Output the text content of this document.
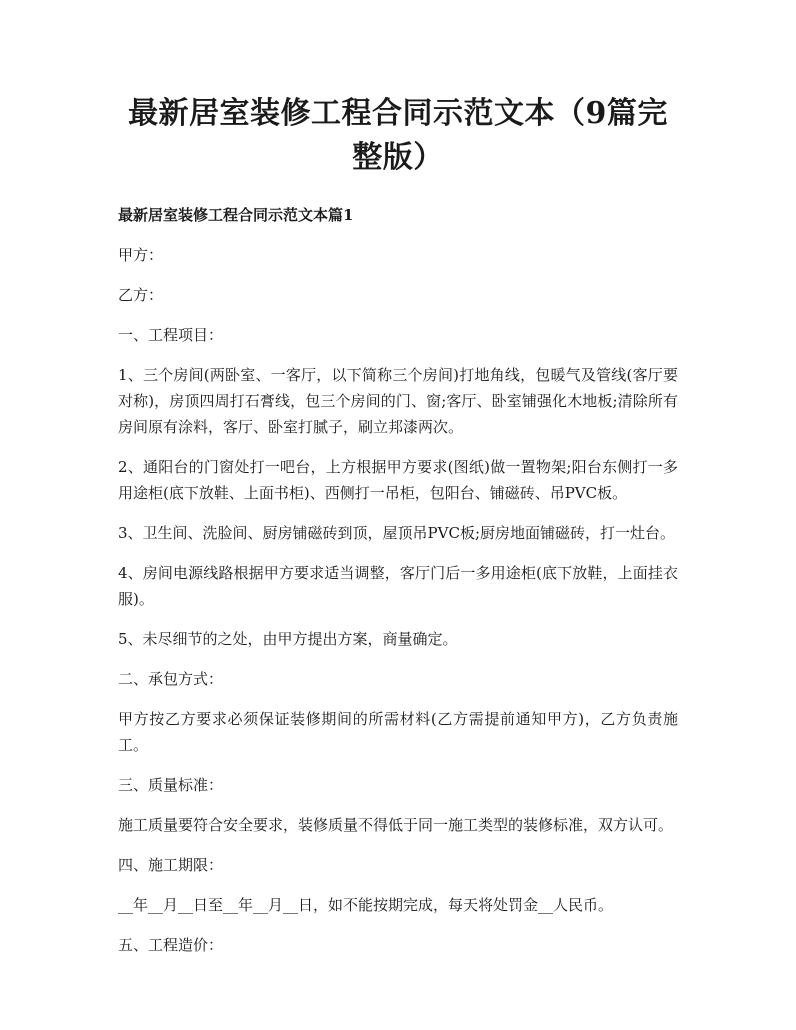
最新居室装修工程合同示范文本（9篇完整版）
最新居室装修工程合同示范文本篇1

甲方：

乙方：

一、工程项目：

1、三个房间(两卧室、一客厅，以下简称三个房间)打地角线，包暖气及管线(客厅要对称)，房顶四周打石膏线，包三个房间的门、窗;客厅、卧室铺强化木地板;清除所有房间原有涂料，客厅、卧室打腻子，刷立邦漆两次。

2、通阳台的门窗处打一吧台，上方根据甲方要求(图纸)做一置物架;阳台东侧打一多用途柜(底下放鞋、上面书柜)、西侧打一吊柜，包阳台、铺磁砖、吊PVC板。

3、卫生间、洗脸间、厨房铺磁砖到顶，屋顶吊PVC板;厨房地面铺磁砖，打一灶台。

4、房间电源线路根据甲方要求适当调整，客厅门后一多用途柜(底下放鞋，上面挂衣服)。

5、未尽细节的之处，由甲方提出方案，商量确定。

二、承包方式：

甲方按乙方要求必须保证装修期间的所需材料(乙方需提前通知甲方)，乙方负责施工。

三、质量标准：

施工质量要符合安全要求，装修质量不得低于同一施工类型的装修标准，双方认可。

四、施工期限：

__年__月__日至__年__月__日，如不能按期完成，每天将处罚金__人民币。

五、工程造价：
